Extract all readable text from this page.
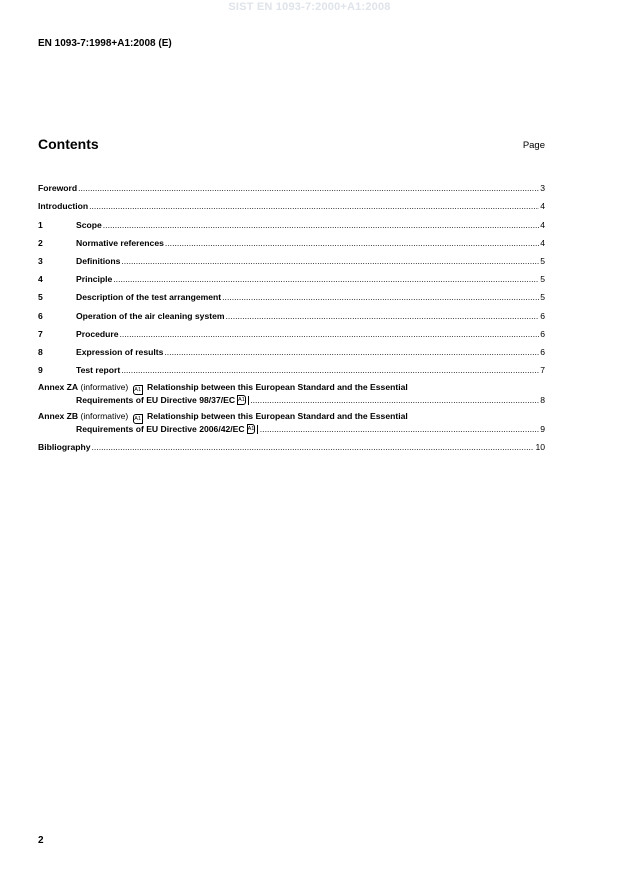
SIST EN 1093-7:2000+A1:2008
EN 1093-7:1998+A1:2008 (E)
Contents	Page
Foreword .....	3
Introduction .....	4
1	Scope .....	4
2	Normative references .....	4
3	Definitions .....	5
4	Principle .....	5
5	Description of the test arrangement .....	5
6	Operation of the air cleaning system .....	6
7	Procedure .....	6
8	Expression of results .....	6
9	Test report .....	7
Annex ZA (informative) A1 Relationship between this European Standard and the Essential
Requirements of EU Directive 98/37/EC A1 .....	8
Annex ZB (informative) A1 Relationship between this European Standard and the Essential
Requirements of EU Directive 2006/42/EC A1 .....	9
Bibliography .....	10
2
